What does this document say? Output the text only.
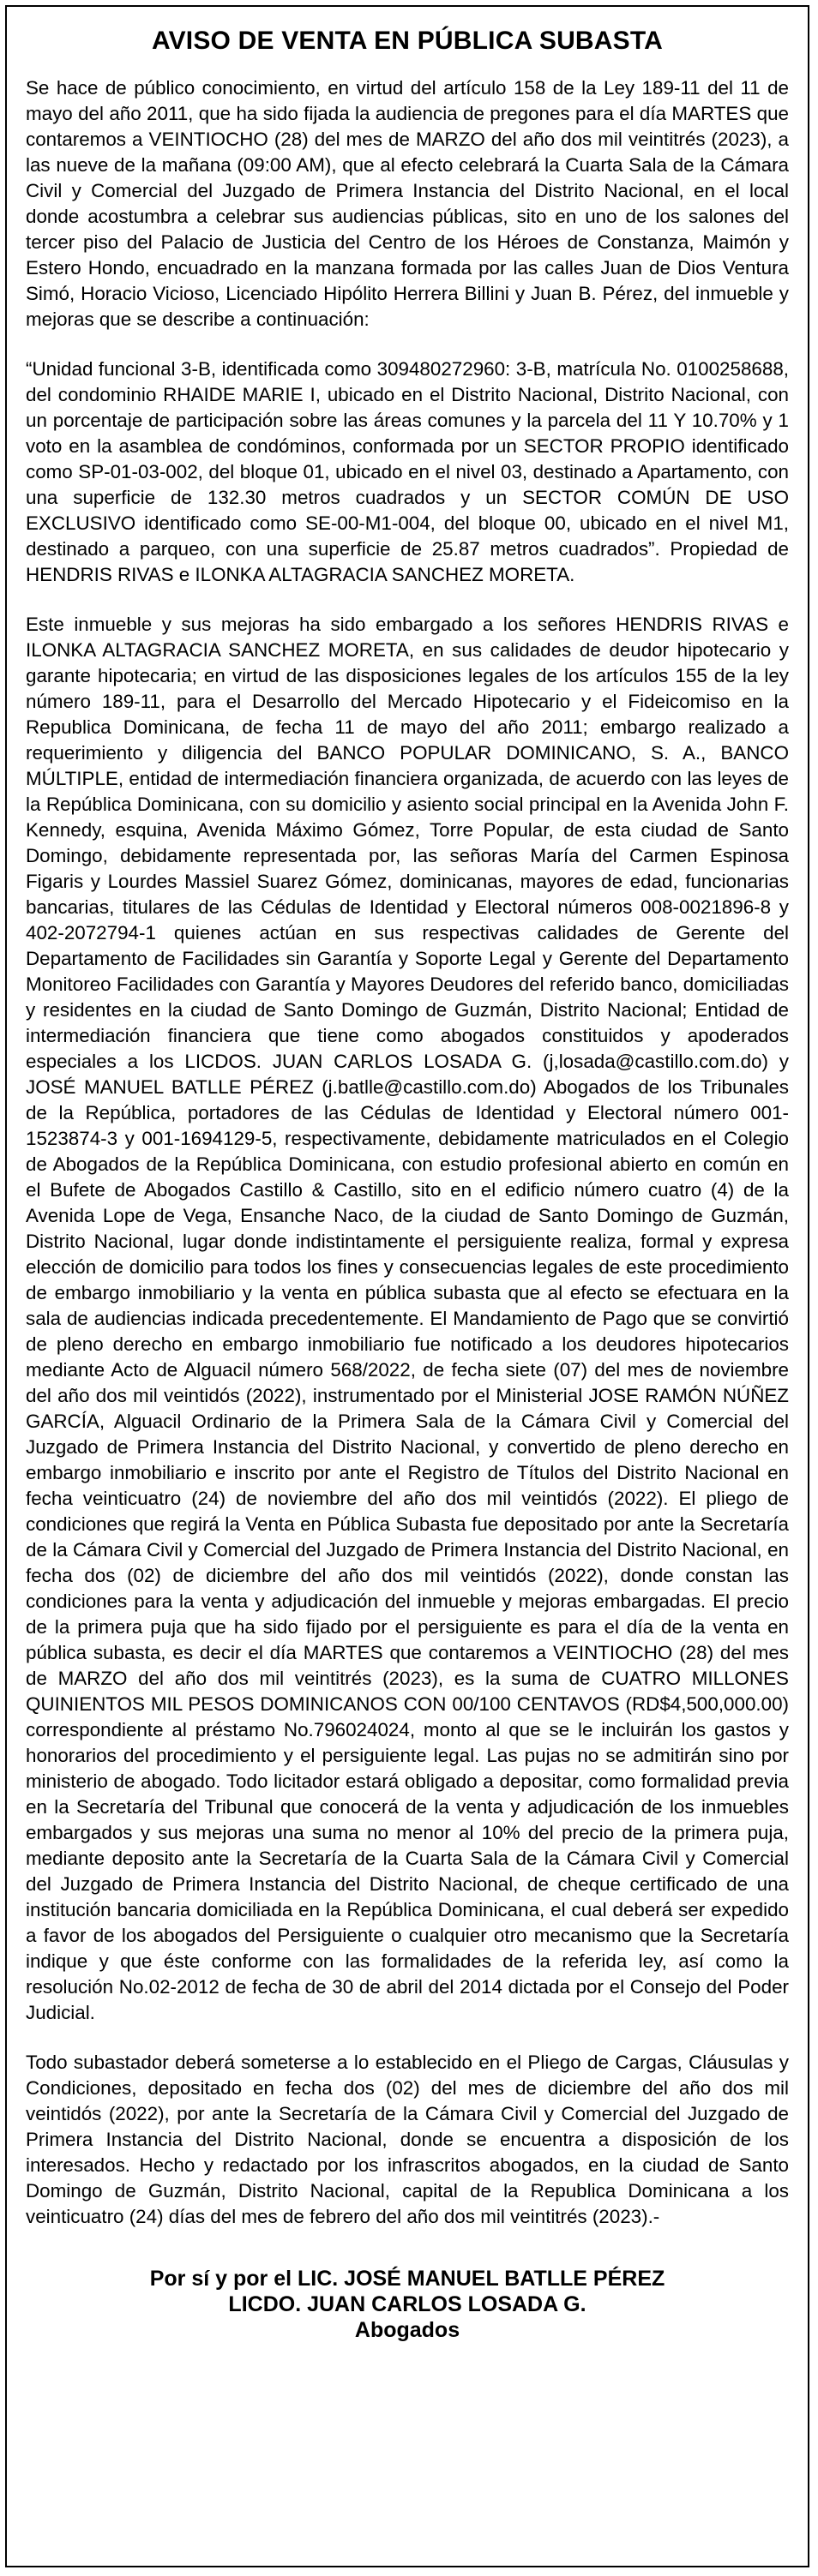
AVISO DE VENTA EN PÚBLICA SUBASTA

Se hace de público conocimiento, en virtud del artículo 158 de la Ley 189-11 del 11 de mayo del año 2011, que ha sido fijada la audiencia de pregones para el día MARTES que contaremos a VEINTIOCHO (28) del mes de MARZO del año dos mil veintitrés (2023), a las nueve de la mañana (09:00 AM), que al efecto celebrará la Cuarta Sala de la Cámara Civil y Comercial del Juzgado de Primera Instancia del Distrito Nacional, en el local donde acostumbra a celebrar sus audiencias públicas, sito en uno de los salones del tercer piso del Palacio de Justicia del Centro de los Héroes de Constanza, Maimón y Estero Hondo, encuadrado en la manzana formada por las calles Juan de Dios Ventura Simó, Horacio Vicioso, Licenciado Hipólito Herrera Billini y Juan B. Pérez, del inmueble y mejoras que se describe a continuación:

“Unidad funcional 3-B, identificada como 309480272960: 3-B, matrícula No. 0100258688, del condominio RHAIDE MARIE I, ubicado en el Distrito Nacional, Distrito Nacional, con un porcentaje de participación sobre las áreas comunes y la parcela del 11 Y 10.70% y 1 voto en la asamblea de condóminos, conformada por un SECTOR PROPIO identificado como SP-01-03-002, del bloque 01, ubicado en el nivel 03, destinado a Apartamento, con una superficie de 132.30 metros cuadrados y un SECTOR COMÚN DE USO EXCLUSIVO identificado como SE-00-M1-004, del bloque 00, ubicado en el nivel M1, destinado a parqueo, con una superficie de 25.87 metros cuadrados”. Propiedad de HENDRIS RIVAS e ILONKA ALTAGRACIA SANCHEZ MORETA.

Este inmueble y sus mejoras ha sido embargado a los señores HENDRIS RIVAS e ILONKA ALTAGRACIA SANCHEZ MORETA, en sus calidades de deudor hipotecario y garante hipotecaria; en virtud de las disposiciones legales de los artículos 155 de la ley número 189-11, para el Desarrollo del Mercado Hipotecario y el Fideicomiso en la Republica Dominicana, de fecha 11 de mayo del año 2011; embargo realizado a requerimiento y diligencia del BANCO POPULAR DOMINICANO, S. A., BANCO MÚLTIPLE, entidad de intermediación financiera organizada, de acuerdo con las leyes de la República Dominicana, con su domicilio y asiento social principal en la Avenida John F. Kennedy, esquina, Avenida Máximo Gómez, Torre Popular, de esta ciudad de Santo Domingo, debidamente representada por, las señoras María del Carmen Espinosa Figaris y Lourdes Massiel Suarez Gómez, dominicanas, mayores de edad, funcionarias bancarias, titulares de las Cédulas de Identidad y Electoral números 008-0021896-8 y 402-2072794-1 quienes actúan en sus respectivas calidades de Gerente del Departamento de Facilidades sin Garantía y Soporte Legal y Gerente del Departamento Monitoreo Facilidades con Garantía y Mayores Deudores del referido banco, domiciliadas y residentes en la ciudad de Santo Domingo de Guzmán, Distrito Nacional; Entidad de intermediación financiera que tiene como abogados constituidos y apoderados especiales a los LICDOS. JUAN CARLOS LOSADA G. (j,losada@castillo.com.do) y JOSÉ MANUEL BATLLE PÉREZ (j.batlle@castillo.com.do) Abogados de los Tribunales de la República, portadores de las Cédulas de Identidad y Electoral número 001-1523874-3 y 001-1694129-5, respectivamente, debidamente matriculados en el Colegio de Abogados de la República Dominicana, con estudio profesional abierto en común en el Bufete de Abogados Castillo & Castillo, sito en el edificio número cuatro (4) de la Avenida Lope de Vega, Ensanche Naco, de la ciudad de Santo Domingo de Guzmán, Distrito Nacional, lugar donde indistintamente el persiguiente realiza, formal y expresa elección de domicilio para todos los fines y consecuencias legales de este procedimiento de embargo inmobiliario y la venta en pública subasta que al efecto se efectuara en la sala de audiencias indicada precedentemente. El Mandamiento de Pago que se convirtió de pleno derecho en embargo inmobiliario fue notificado a los deudores hipotecarios mediante Acto de Alguacil número 568/2022, de fecha siete (07) del mes de noviembre del año dos mil veintidós (2022), instrumentado por el Ministerial JOSE RAMÓN NÚÑEZ GARCÍA, Alguacil Ordinario de la Primera Sala de la Cámara Civil y Comercial del Juzgado de Primera Instancia del Distrito Nacional, y convertido de pleno derecho en embargo inmobiliario e inscrito por ante el Registro de Títulos del Distrito Nacional en fecha veinticuatro (24) de noviembre del año dos mil veintidós (2022). El pliego de condiciones que regirá la Venta en Pública Subasta fue depositado por ante la Secretaría de la Cámara Civil y Comercial del Juzgado de Primera Instancia del Distrito Nacional, en fecha dos (02) de diciembre del año dos mil veintidós (2022), donde constan las condiciones para la venta y adjudicación del inmueble y mejoras embargadas. El precio de la primera puja que ha sido fijado por el persiguiente es para el día de la venta en pública subasta, es decir el día MARTES que contaremos a VEINTIOCHO (28) del mes de MARZO del año dos mil veintitrés (2023), es la suma de CUATRO MILLONES QUINIENTOS MIL PESOS DOMINICANOS CON 00/100 CENTAVOS (RD$4,500,000.00) correspondiente al préstamo No.796024024, monto al que se le incluirán los gastos y honorarios del procedimiento y el persiguiente legal. Las pujas no se admitirán sino por ministerio de abogado. Todo licitador estará obligado a depositar, como formalidad previa en la Secretaría del Tribunal que conocerá de la venta y adjudicación de los inmuebles embargados y sus mejoras una suma no menor al 10% del precio de la primera puja, mediante deposito ante la Secretaría de la Cuarta Sala de la Cámara Civil y Comercial del Juzgado de Primera Instancia del Distrito Nacional, de cheque certificado de una institución bancaria domiciliada en la República Dominicana, el cual deberá ser expedido a favor de los abogados del Persiguiente o cualquier otro mecanismo que la Secretaría indique y que éste conforme con las formalidades de la referida ley, así como la resolución No.02-2012 de fecha de 30 de abril del 2014 dictada por el Consejo del Poder Judicial.

Todo subastador deberá someterse a lo establecido en el Pliego de Cargas, Cláusulas y Condiciones, depositado en fecha dos (02) del mes de diciembre del año dos mil veintidós (2022), por ante la Secretaría de la Cámara Civil y Comercial del Juzgado de Primera Instancia del Distrito Nacional, donde se encuentra a disposición de los interesados. Hecho y redactado por los infrascritos abogados, en la ciudad de Santo Domingo de Guzmán, Distrito Nacional, capital de la Republica Dominicana a los veinticuatro (24) días del mes de febrero del año dos mil veintitrés (2023).-

Por sí y por el LIC. JOSÉ MANUEL BATLLE PÉREZ
LICDO. JUAN CARLOS LOSADA G.
Abogados
